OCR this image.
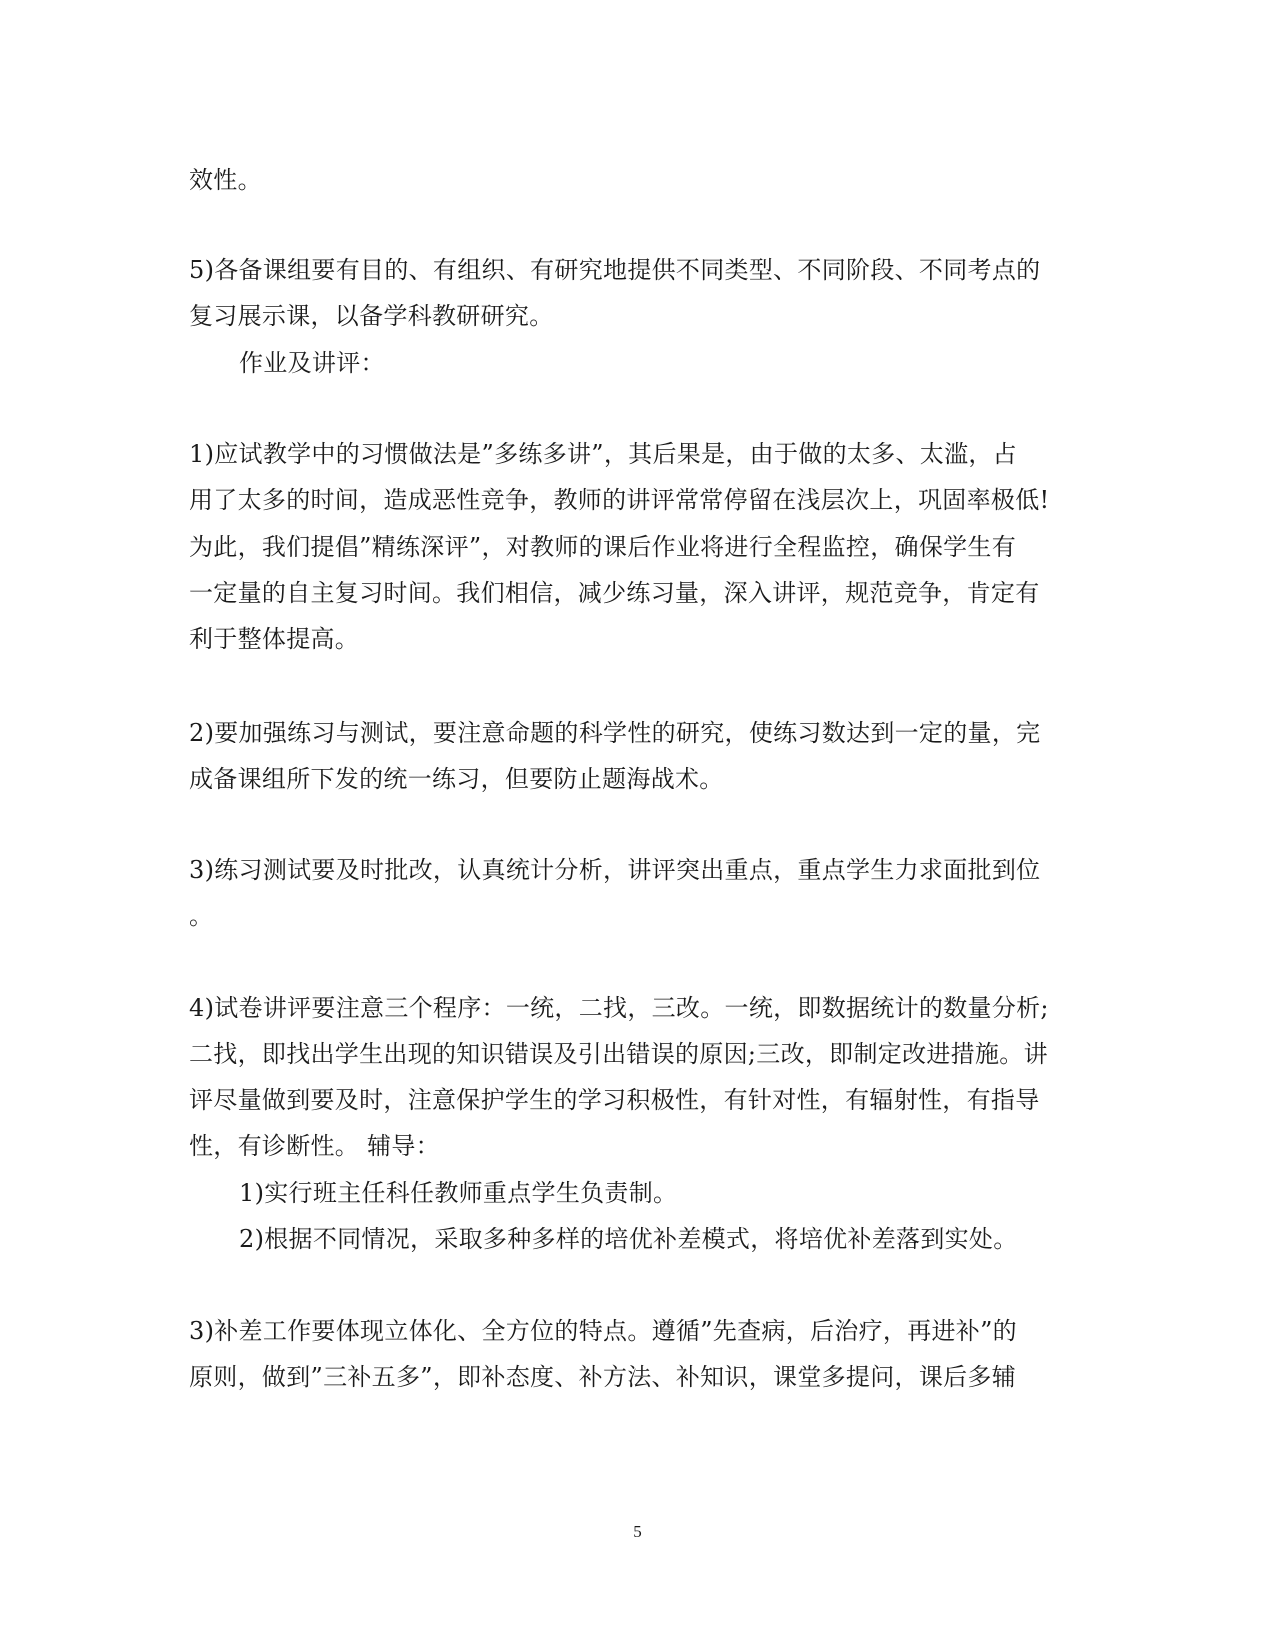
效性。
5)各备课组要有目的、有组织、有研究地提供不同类型、不同阶段、不同考点的
复习展示课，以备学科教研研究。
作业及讲评：
1)应试教学中的习惯做法是”多练多讲”，其后果是，由于做的太多、太滥，占
用了太多的时间，造成恶性竞争，教师的讲评常常停留在浅层次上，巩固率极低!
为此，我们提倡”精练深评”，对教师的课后作业将进行全程监控，确保学生有
一定量的自主复习时间。我们相信，减少练习量，深入讲评，规范竞争，肯定有
利于整体提高。
2)要加强练习与测试，要注意命题的科学性的研究，使练习数达到一定的量，完
成备课组所下发的统一练习，但要防止题海战术。
3)练习测试要及时批改，认真统计分析，讲评突出重点，重点学生力求面批到位
。
4)试卷讲评要注意三个程序：一统，二找，三改。一统，即数据统计的数量分析;
二找，即找出学生出现的知识错误及引出错误的原因;三改，即制定改进措施。讲
评尽量做到要及时，注意保护学生的学习积极性，有针对性，有辐射性，有指导
性，有诊断性。 辅导：
1)实行班主任科任教师重点学生负责制。
2)根据不同情况，采取多种多样的培优补差模式，将培优补差落到实处。
3)补差工作要体现立体化、全方位的特点。遵循”先查病，后治疗，再进补”的
原则，做到”三补五多”，即补态度、补方法、补知识，课堂多提问，课后多辅
5
